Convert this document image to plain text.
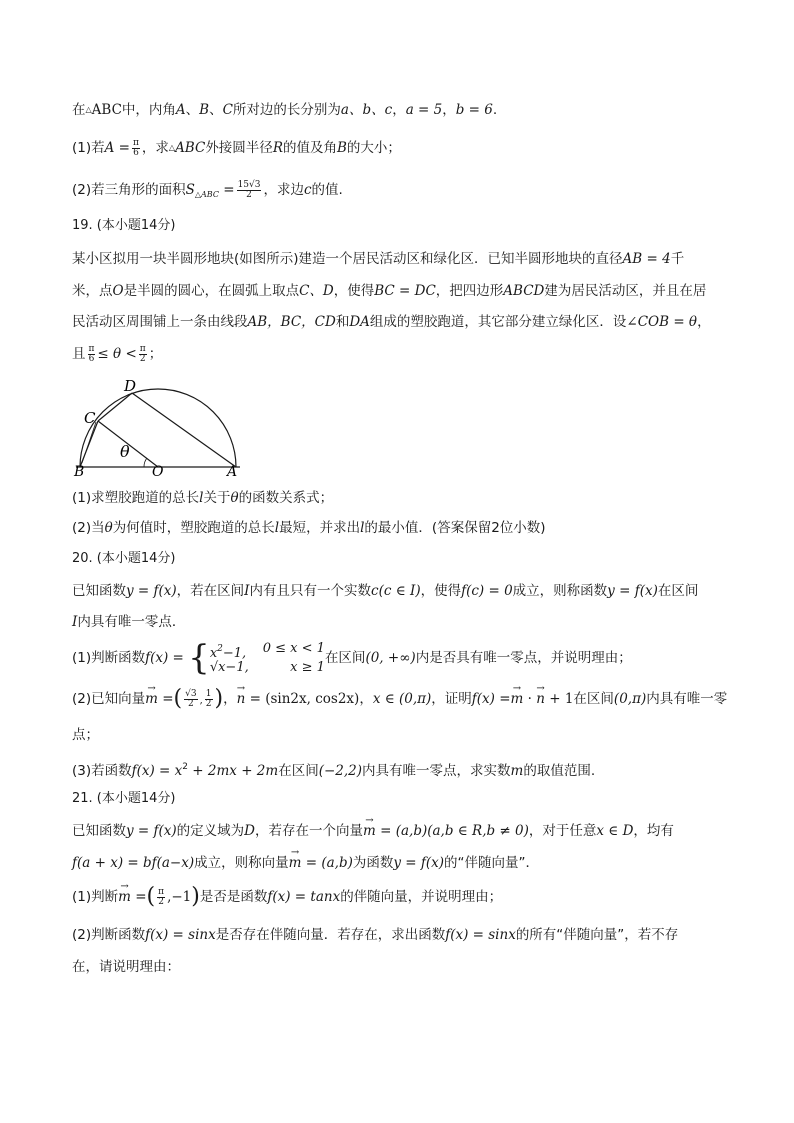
在△ABC中，内角A、B、C所对边的长分别为a、b、c，a = 5，b = 6.
(1)若$A = \frac{\pi}{6}$ ，求△ABC外接圆半径R的值及角B的大小；
(2)若三角形的面积$S_{\triangle ABC} = \frac{15√3}{2}$ ，求边c的值.
19. (本小题14分)
某小区拟用一块半圆形地块(如图所示)建造一个居民活动区和绿化区．已知半圆形地块的直径AB = 4千
米，点O是半圆的圆心，在圆弧上取点C、D，使得BC = DC，把四边形ABCD建为居民活动区，并且在居
民活动区周围铺上一条由线段AB，BC，CD和DA组成的塑胶跑道，其它部分建立绿化区．设∠COB = θ，
且 $\frac{\pi}{6} \le \theta < \frac{\pi}{2}$ ；
D
C
B	O	A
θ
(1)求塑胶跑道的总长l关于θ的函数关系式；
(2)当θ为何值时，塑胶跑道的总长l最短，并求出l的最小值．(答案保留2位小数)
20. (本小题14分)
已知函数y = f(x)，若在区间I内有且只有一个实数c(c ∈ I)，使得f(c) = 0成立，则称函数y = f(x)在区间
I内具有唯一零点．
(1)判断函数f(x) = { $x^2-1$, 0 ≤ x < 1
√x−1,	x ≥ 1
在区间(0, +∞)内是否具有唯一零点，并说明理由；
(2)已知向量→ m =( $\frac{√3}{2}$ , $\frac{1}{2}$ )，→ n = (sin2x, cos2x)，x ∈ (0,π)，证明f(x) =→ m · → n + 1在区间(0,π)内具有唯一零
点；
(3)若函数$f(x) = x^2 + 2mx + 2m$在区间(−2,2)内具有唯一零点，求实数m的取值范围.
21. (本小题14分)
已知函数y = f(x)的定义域为D，若存在一个向量→ m = (a,b)(a,b ∈ R,b ≠ 0)，对于任意x ∈ D，均有
f(a + x) = bf(a−x)成立，则称向量→ m = (a,b)为函数y = f(x)的“伴随向量”．
(1)判断→ m =( $\frac{\pi}{2} ,-1$)是否是函数f(x) = tanx的伴随向量，并说明理由；
(2)判断函数f(x) = sinx是否存在伴随向量．若存在，求出函数f(x) = sinx的所有“伴随向量”，若不存
在，请说明理由：
